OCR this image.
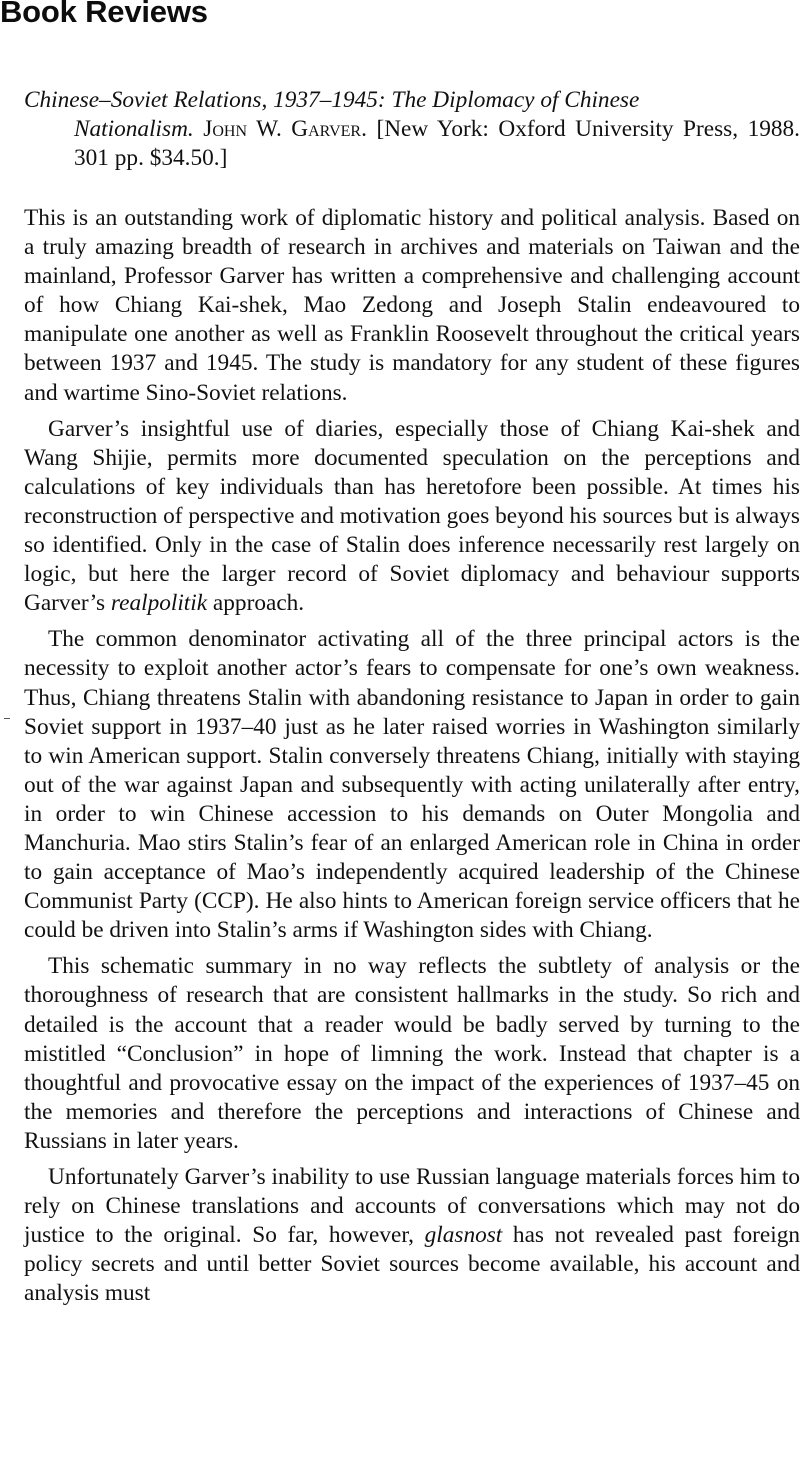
Book Reviews
Chinese–Soviet Relations, 1937–1945: The Diplomacy of Chinese
Nationalism. John W. Garver. [New York: Oxford University Press, 1988. 301 pp. $34.50.]

This is an outstanding work of diplomatic history and political analysis. Based on a truly amazing breadth of research in archives and materials on Taiwan and the mainland, Professor Garver has written a comprehensive and challenging account of how Chiang Kai-shek, Mao Zedong and Joseph Stalin endeavoured to manipulate one another as well as Franklin Roosevelt throughout the critical years between 1937 and 1945. The study is mandatory for any student of these figures and wartime Sino-Soviet relations.

Garver’s insightful use of diaries, especially those of Chiang Kai-shek and Wang Shijie, permits more documented speculation on the perceptions and calculations of key individuals than has heretofore been possible. At times his reconstruction of perspective and motivation goes beyond his sources but is always so identified. Only in the case of Stalin does inference necessarily rest largely on logic, but here the larger record of Soviet diplomacy and behaviour supports Garver’s realpolitik approach.

The common denominator activating all of the three principal actors is the necessity to exploit another actor’s fears to compensate for one’s own weakness. Thus, Chiang threatens Stalin with abandoning resistance to Japan in order to gain Soviet support in 1937–40 just as he later raised worries in Washington similarly to win American support. Stalin conversely threatens Chiang, initially with staying out of the war against Japan and subsequently with acting unilaterally after entry, in order to win Chinese accession to his demands on Outer Mongolia and Manchuria. Mao stirs Stalin’s fear of an enlarged American role in China in order to gain acceptance of Mao’s independently acquired leadership of the Chinese Communist Party (CCP). He also hints to American foreign service officers that he could be driven into Stalin’s arms if Washington sides with Chiang.

This schematic summary in no way reflects the subtlety of analysis or the thoroughness of research that are consistent hallmarks in the study. So rich and detailed is the account that a reader would be badly served by turning to the mistitled “Conclusion” in hope of limning the work. Instead that chapter is a thoughtful and provocative essay on the impact of the experiences of 1937–45 on the memories and therefore the perceptions and interactions of Chinese and Russians in later years.

Unfortunately Garver’s inability to use Russian language materials forces him to rely on Chinese translations and accounts of conversations which may not do justice to the original. So far, however, glasnost has not revealed past foreign policy secrets and until better Soviet sources become available, his account and analysis must
